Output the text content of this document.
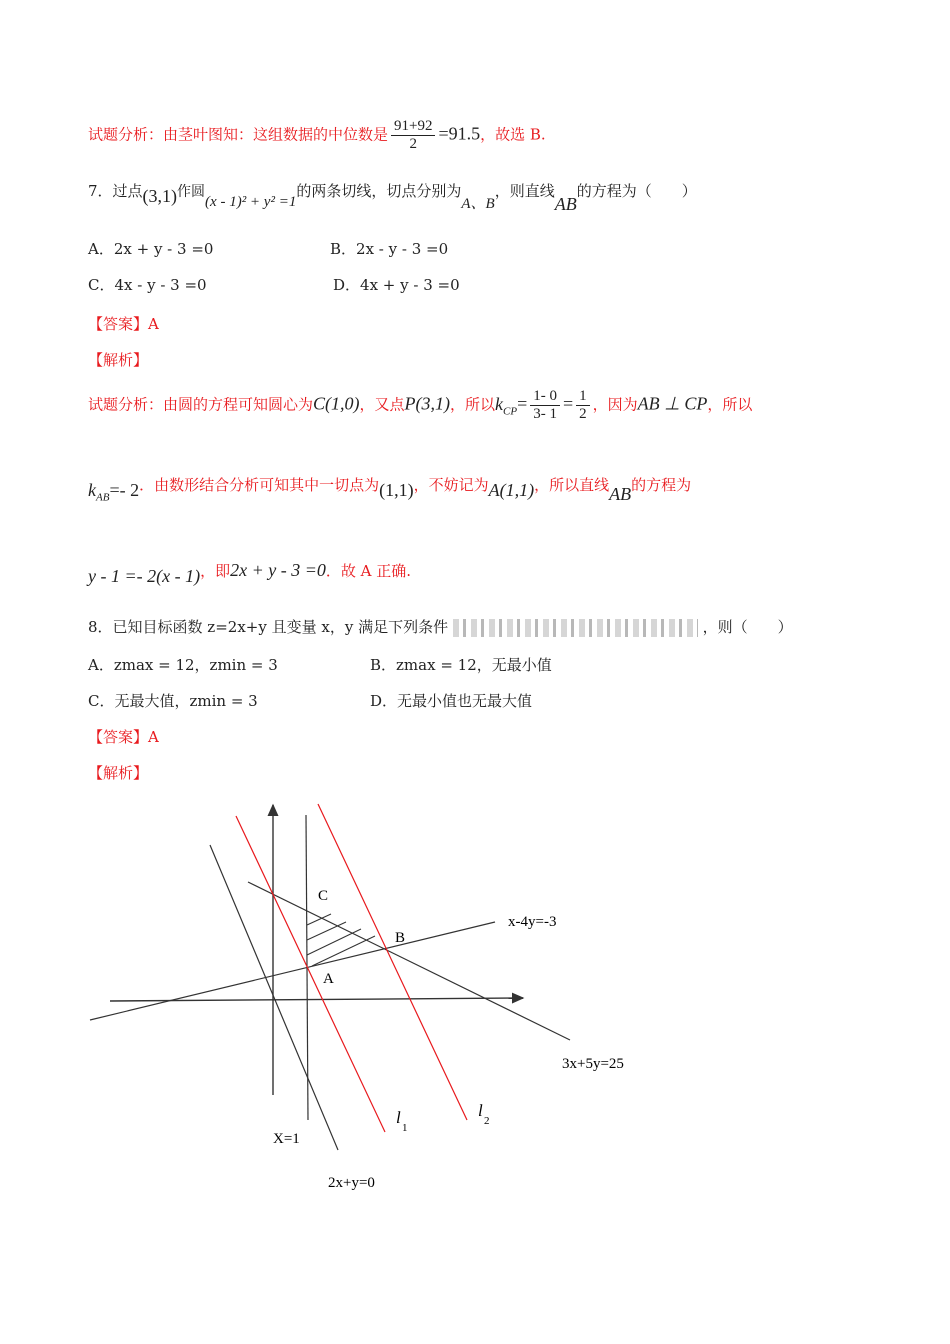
试题分析：由茎叶图知：这组数据的中位数是 $\frac{91+92}{2} =91.5$，故选 B.
7．过点(3,1)作圆(x - 1)² + y² =1的两条切线，切点分别为A、B，则直线AB的方程为（　　）
A．2x + y - 3 =0	B．2x - y - 3 =0
C．4x - y - 3 =0	D．4x + y - 3 =0
【答案】A
【解析】
试题分析：由圆的方程可知圆心为C(1,0)，又点P(3,1)，所以$k_{CP}= \frac{1- 0}{3- 1} = \frac{1}{2}$ ，因为AB ⊥ CP，所以
$k_{AB}=-$ 2．由数形结合分析可知其中一切点为(1,1)，不妨记为A(1,1)，所以直线AB的方程为
y - 1 =- 2(x - 1)，即2x + y - 3 =0．故 A 正确.
8．已知目标函数 z=2x+y 且变量 x，y 满足下列条件	，则（　　）
A．zmax = 12，zmin = 3	B．zmax = 12，无最小值
C．无最大值，zmin = 3	D．无最小值也无最大值
【答案】A
【解析】
C
B
A
x-4y=-3
3x+5y=25
X=1
2x+y=0
l
1
l
2
